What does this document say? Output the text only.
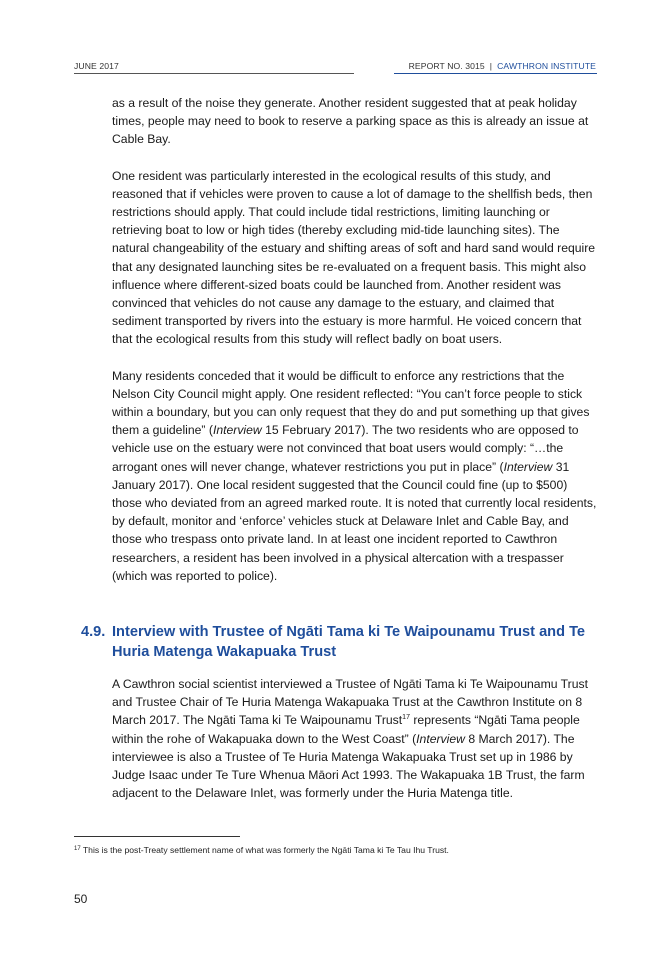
JUNE 2017	REPORT NO. 3015 | CAWTHRON INSTITUTE

as a result of the noise they generate. Another resident suggested that at peak holiday times, people may need to book to reserve a parking space as this is already an issue at Cable Bay.

One resident was particularly interested in the ecological results of this study, and reasoned that if vehicles were proven to cause a lot of damage to the shellfish beds, then restrictions should apply. That could include tidal restrictions, limiting launching or retrieving boat to low or high tides (thereby excluding mid-tide launching sites). The natural changeability of the estuary and shifting areas of soft and hard sand would require that any designated launching sites be re-evaluated on a frequent basis. This might also influence where different-sized boats could be launched from. Another resident was convinced that vehicles do not cause any damage to the estuary, and claimed that sediment transported by rivers into the estuary is more harmful. He voiced concern that that the ecological results from this study will reflect badly on boat users.

Many residents conceded that it would be difficult to enforce any restrictions that the Nelson City Council might apply. One resident reflected: “You can’t force people to stick within a boundary, but you can only request that they do and put something up that gives them a guideline” (Interview 15 February 2017). The two residents who are opposed to vehicle use on the estuary were not convinced that boat users would comply: “…the arrogant ones will never change, whatever restrictions you put in place” (Interview 31 January 2017). One local resident suggested that the Council could fine (up to $500) those who deviated from an agreed marked route. It is noted that currently local residents, by default, monitor and ‘enforce’ vehicles stuck at Delaware Inlet and Cable Bay, and those who trespass onto private land. In at least one incident reported to Cawthron researchers, a resident has been involved in a physical altercation with a trespasser (which was reported to police).

4.9. Interview with Trustee of Ngāti Tama ki Te Waipounamu Trust and Te Huria Matenga Wakapuaka Trust

A Cawthron social scientist interviewed a Trustee of Ngāti Tama ki Te Waipounamu Trust and Trustee Chair of Te Huria Matenga Wakapuaka Trust at the Cawthron Institute on 8 March 2017. The Ngāti Tama ki Te Waipounamu Trust$^{17}$ represents “Ngāti Tama people within the rohe of Wakapuaka down to the West Coast” (Interview 8 March 2017). The interviewee is also a Trustee of Te Huria Matenga Wakapuaka Trust set up in 1986 by Judge Isaac under Te Ture Whenua Māori Act 1993. The Wakapuaka 1B Trust, the farm adjacent to the Delaware Inlet, was formerly under the Huria Matenga title.

$^{17}$ This is the post-Treaty settlement name of what was formerly the Ngāti Tama ki Te Tau Ihu Trust.
50
